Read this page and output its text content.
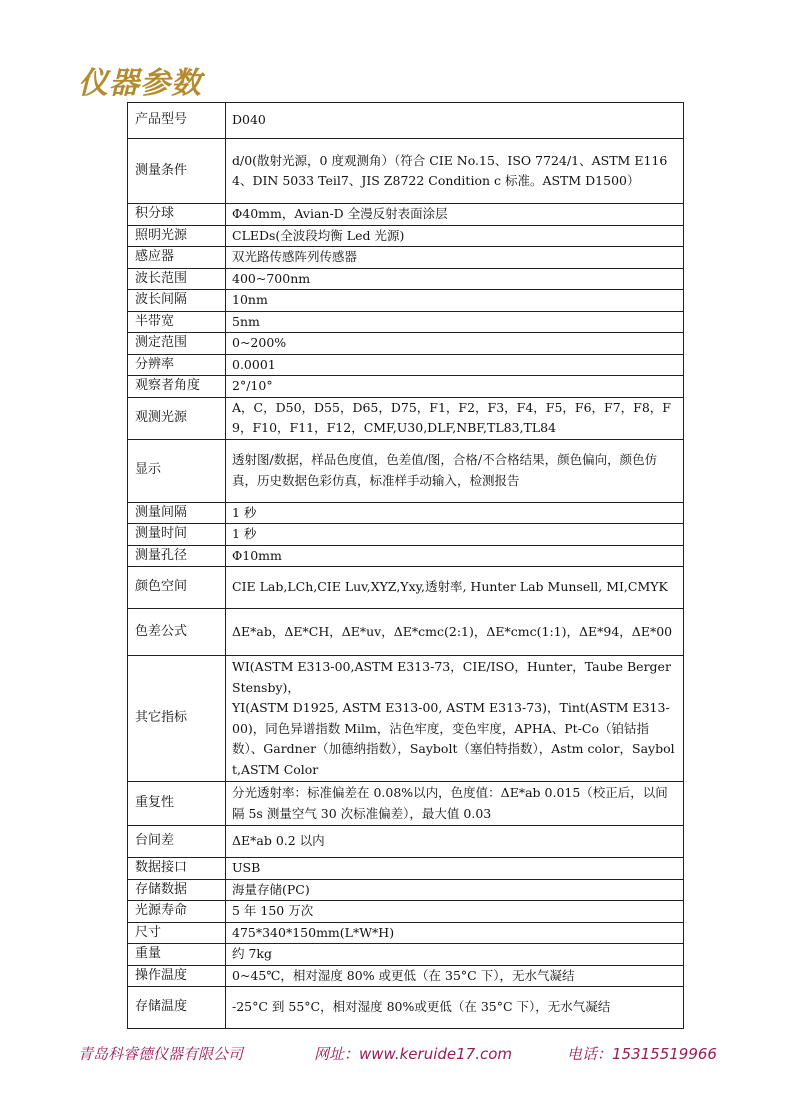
仪器参数
产品型号	D040
测量条件	d/0(散射光源，0 度观测角）（符合 CIE No.15、ISO 7724/1、ASTM E1164、DIN 5033 Teil7、JIS Z8722 Condition c 标准。ASTM D1500）
积分球	Φ40mm，Avian-D 全漫反射表面涂层
照明光源	CLEDs(全波段均衡 Led 光源)
感应器	双光路传感阵列传感器
波长范围	400~700nm
波长间隔	10nm
半带宽	5nm
测定范围	0~200%
分辨率	0.0001
观察者角度	2°/10°
观测光源	A，C，D50，D55，D65，D75，F1，F2，F3，F4，F5，F6，F7，F8，F9，F10，F11，F12，CMF,U30,DLF,NBF,TL83,TL84
显示	透射图/数据，样品色度值，色差值/图，合格/不合格结果，颜色偏向，颜色仿真，历史数据色彩仿真，标准样手动输入，检测报告
测量间隔	1 秒
测量时间	1 秒
测量孔径	Φ10mm
颜色空间	CIE Lab,LCh,CIE Luv,XYZ,Yxy,透射率, Hunter Lab Munsell, MI,CMYK
色差公式	ΔE*ab，ΔE*CH，ΔE*uv，ΔE*cmc(2:1)，ΔE*cmc(1:1)，ΔE*94，ΔE*00
其它指标	WI(ASTM E313-00,ASTM E313-73，CIE/ISO，Hunter，Taube Berger Stensby)，
YI(ASTM D1925, ASTM E313-00, ASTM E313-73)，Tint(ASTM E313-00)，同色异谱指数 Milm，沾色牢度，变色牢度，APHA、Pt-Co（铂钴指数）、Gardner（加德纳指数），Saybolt（塞伯特指数），Astm color，Saybolt,ASTM Color
重复性	分光透射率：标准偏差在 0.08%以内，色度值：ΔE*ab 0.015（校正后，以间隔 5s 测量空气 30 次标准偏差），最大值 0.03
台间差	ΔE*ab 0.2 以内
数据接口	USB
存储数据	海量存储(PC)
光源寿命	5 年 150 万次
尺寸	475*340*150mm(L*W*H)
重量	约 7kg
操作温度	0~45℃，相对湿度 80% 或更低（在 35°C 下），无水气凝结
存储温度	-25°C 到 55°C，相对湿度 80%或更低（在 35°C 下），无水气凝结
青岛科睿德仪器有限公司	网址：www.keruide17.com	电话：15315519966
